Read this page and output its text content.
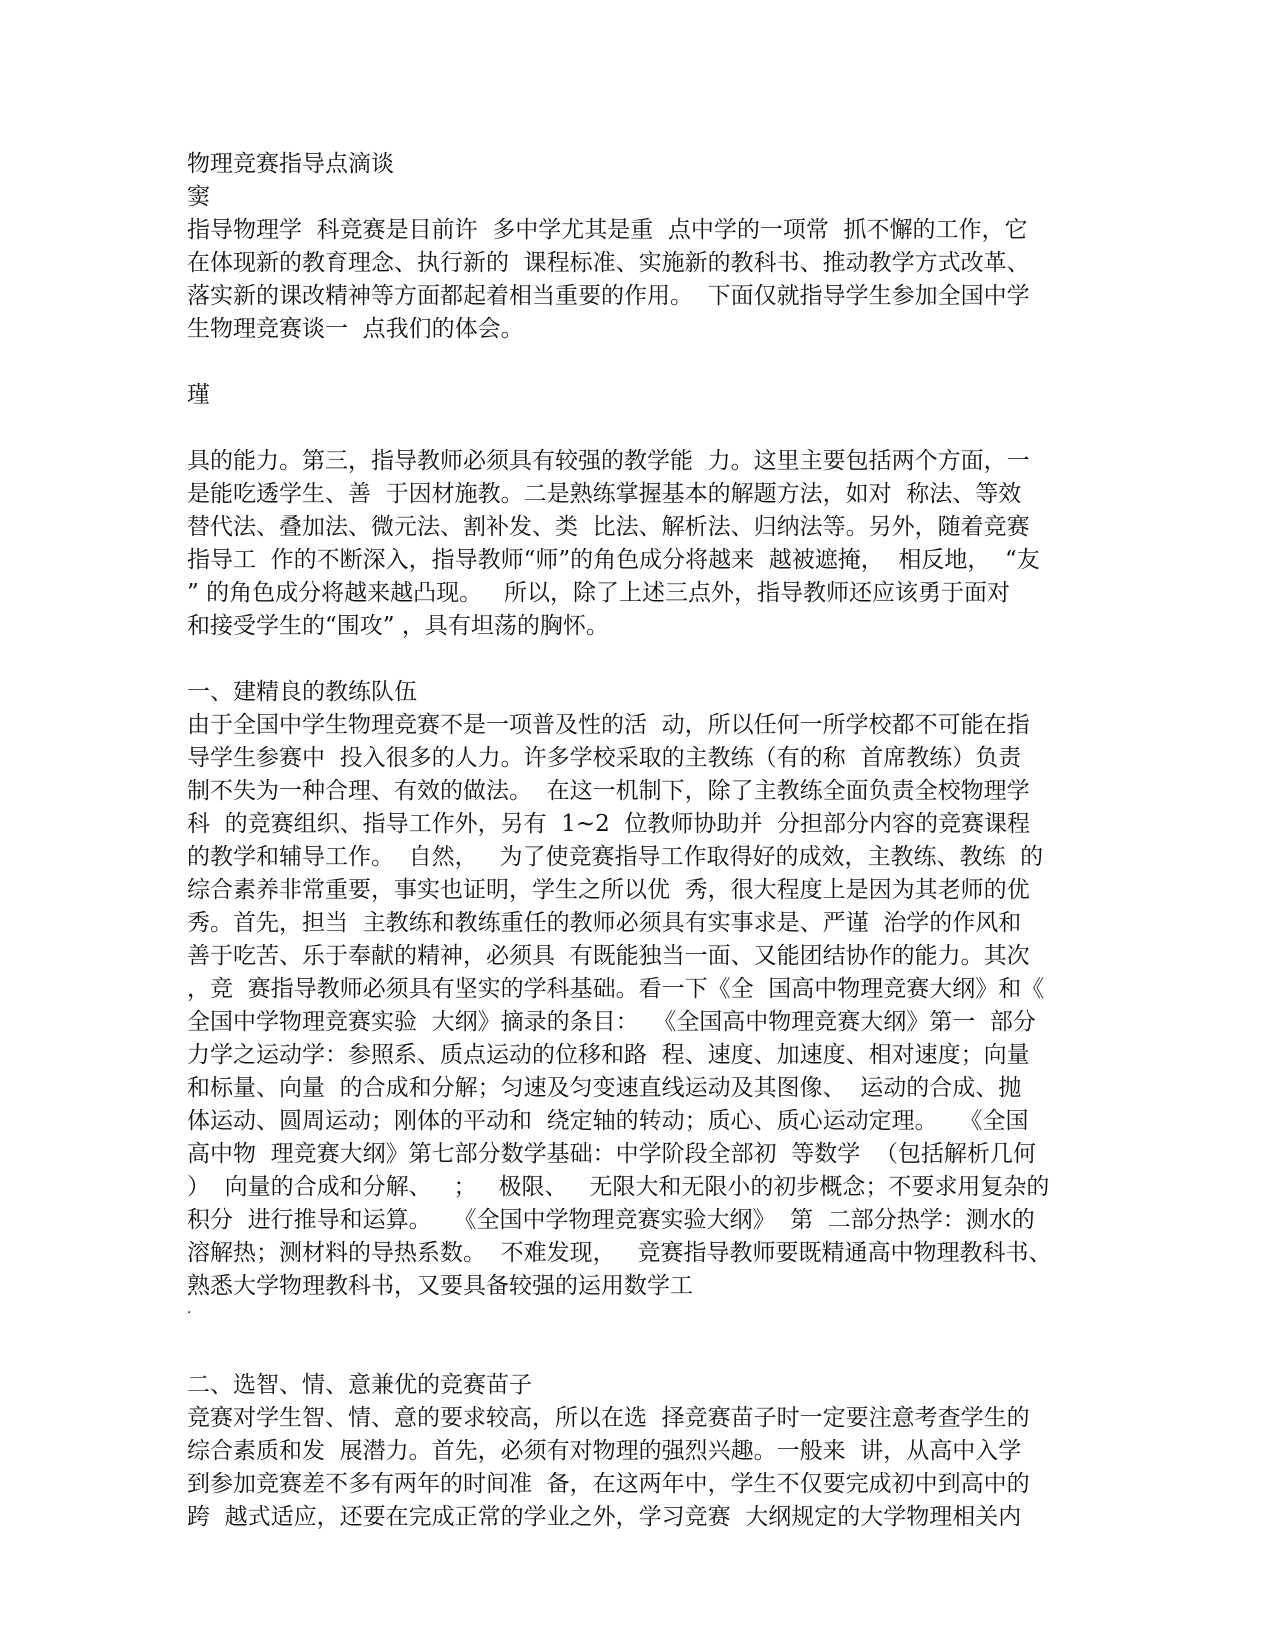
物理竞赛指导点滴谈
窦
指导物理学  科竞赛是目前许  多中学尤其是重  点中学的一项常  抓不懈的工作，它
在体现新的教育理念、执行新的  课程标准、实施新的教科书、推动教学方式改革、
落实新的课改精神等方面都起着相当重要的作用。  下面仅就指导学生参加全国中学
生物理竞赛谈一  点我们的体会。
瑾
具的能力。第三，指导教师必须具有较强的教学能  力。这里主要包括两个方面，一
是能吃透学生、善  于因材施教。二是熟练掌握基本的解题方法，如对  称法、等效
替代法、叠加法、微元法、割补发、类  比法、解析法、归纳法等。另外，随着竞赛
指导工  作的不断深入，指导教师“师”的角色成分将越来  越被遮掩，  相反地，  “友
” 的角色成分将越来越凸现。   所以，除了上述三点外，指导教师还应该勇于面对
和接受学生的“围攻” ，具有坦荡的胸怀。
一、建精良的教练队伍
由于全国中学生物理竞赛不是一项普及性的活  动，所以任何一所学校都不可能在指
导学生参赛中  投入很多的人力。许多学校采取的主教练（有的称  首席教练）负责
制不失为一种合理、有效的做法。  在这一机制下，除了主教练全面负责全校物理学
科  的竞赛组织、指导工作外，另有  1~2  位教师协助并  分担部分内容的竞赛课程
的教学和辅导工作。  自然，   为了使竞赛指导工作取得好的成效，主教练、教练  的
综合素养非常重要，事实也证明，学生之所以优  秀，很大程度上是因为其老师的优
秀。首先，担当  主教练和教练重任的教师必须具有实事求是、严谨  治学的作风和
善于吃苦、乐于奉献的精神，必须具  有既能独当一面、又能团结协作的能力。其次
，竞  赛指导教师必须具有坚实的学科基础。看一下《全  国高中物理竞赛大纲》和《
全国中学物理竞赛实验  大纲》摘录的条目：  《全国高中物理竞赛大纲》第一  部分
力学之运动学：参照系、质点运动的位移和路  程、速度、加速度、相对速度；向量
和标量、向量  的合成和分解；匀速及匀变速直线运动及其图像、  运动的合成、抛
体运动、圆周运动；刚体的平动和  绕定轴的转动；质心、质心运动定理。   《全国
高中物  理竞赛大纲》第七部分数学基础：中学阶段全部初  等数学  （包括解析几何
）  向量的合成和分解、   ；   极限、   无限大和无限小的初步概念；不要求用复杂的
积分  进行推导和运算。   《全国中学物理竞赛实验大纲》  第  二部分热学：测水的
溶解热；测材料的导热系数。  不难发现，   竞赛指导教师要既精通高中物理教科书、
熟悉大学物理教科书，又要具备较强的运用数学工
·
二、选智、情、意兼优的竞赛苗子
竞赛对学生智、情、意的要求较高，所以在选  择竞赛苗子时一定要注意考查学生的
综合素质和发  展潜力。首先，必须有对物理的强烈兴趣。一般来  讲，从高中入学
到参加竞赛差不多有两年的时间准  备，在这两年中，学生不仅要完成初中到高中的
跨  越式适应，还要在完成正常的学业之外，学习竞赛  大纲规定的大学物理相关内
